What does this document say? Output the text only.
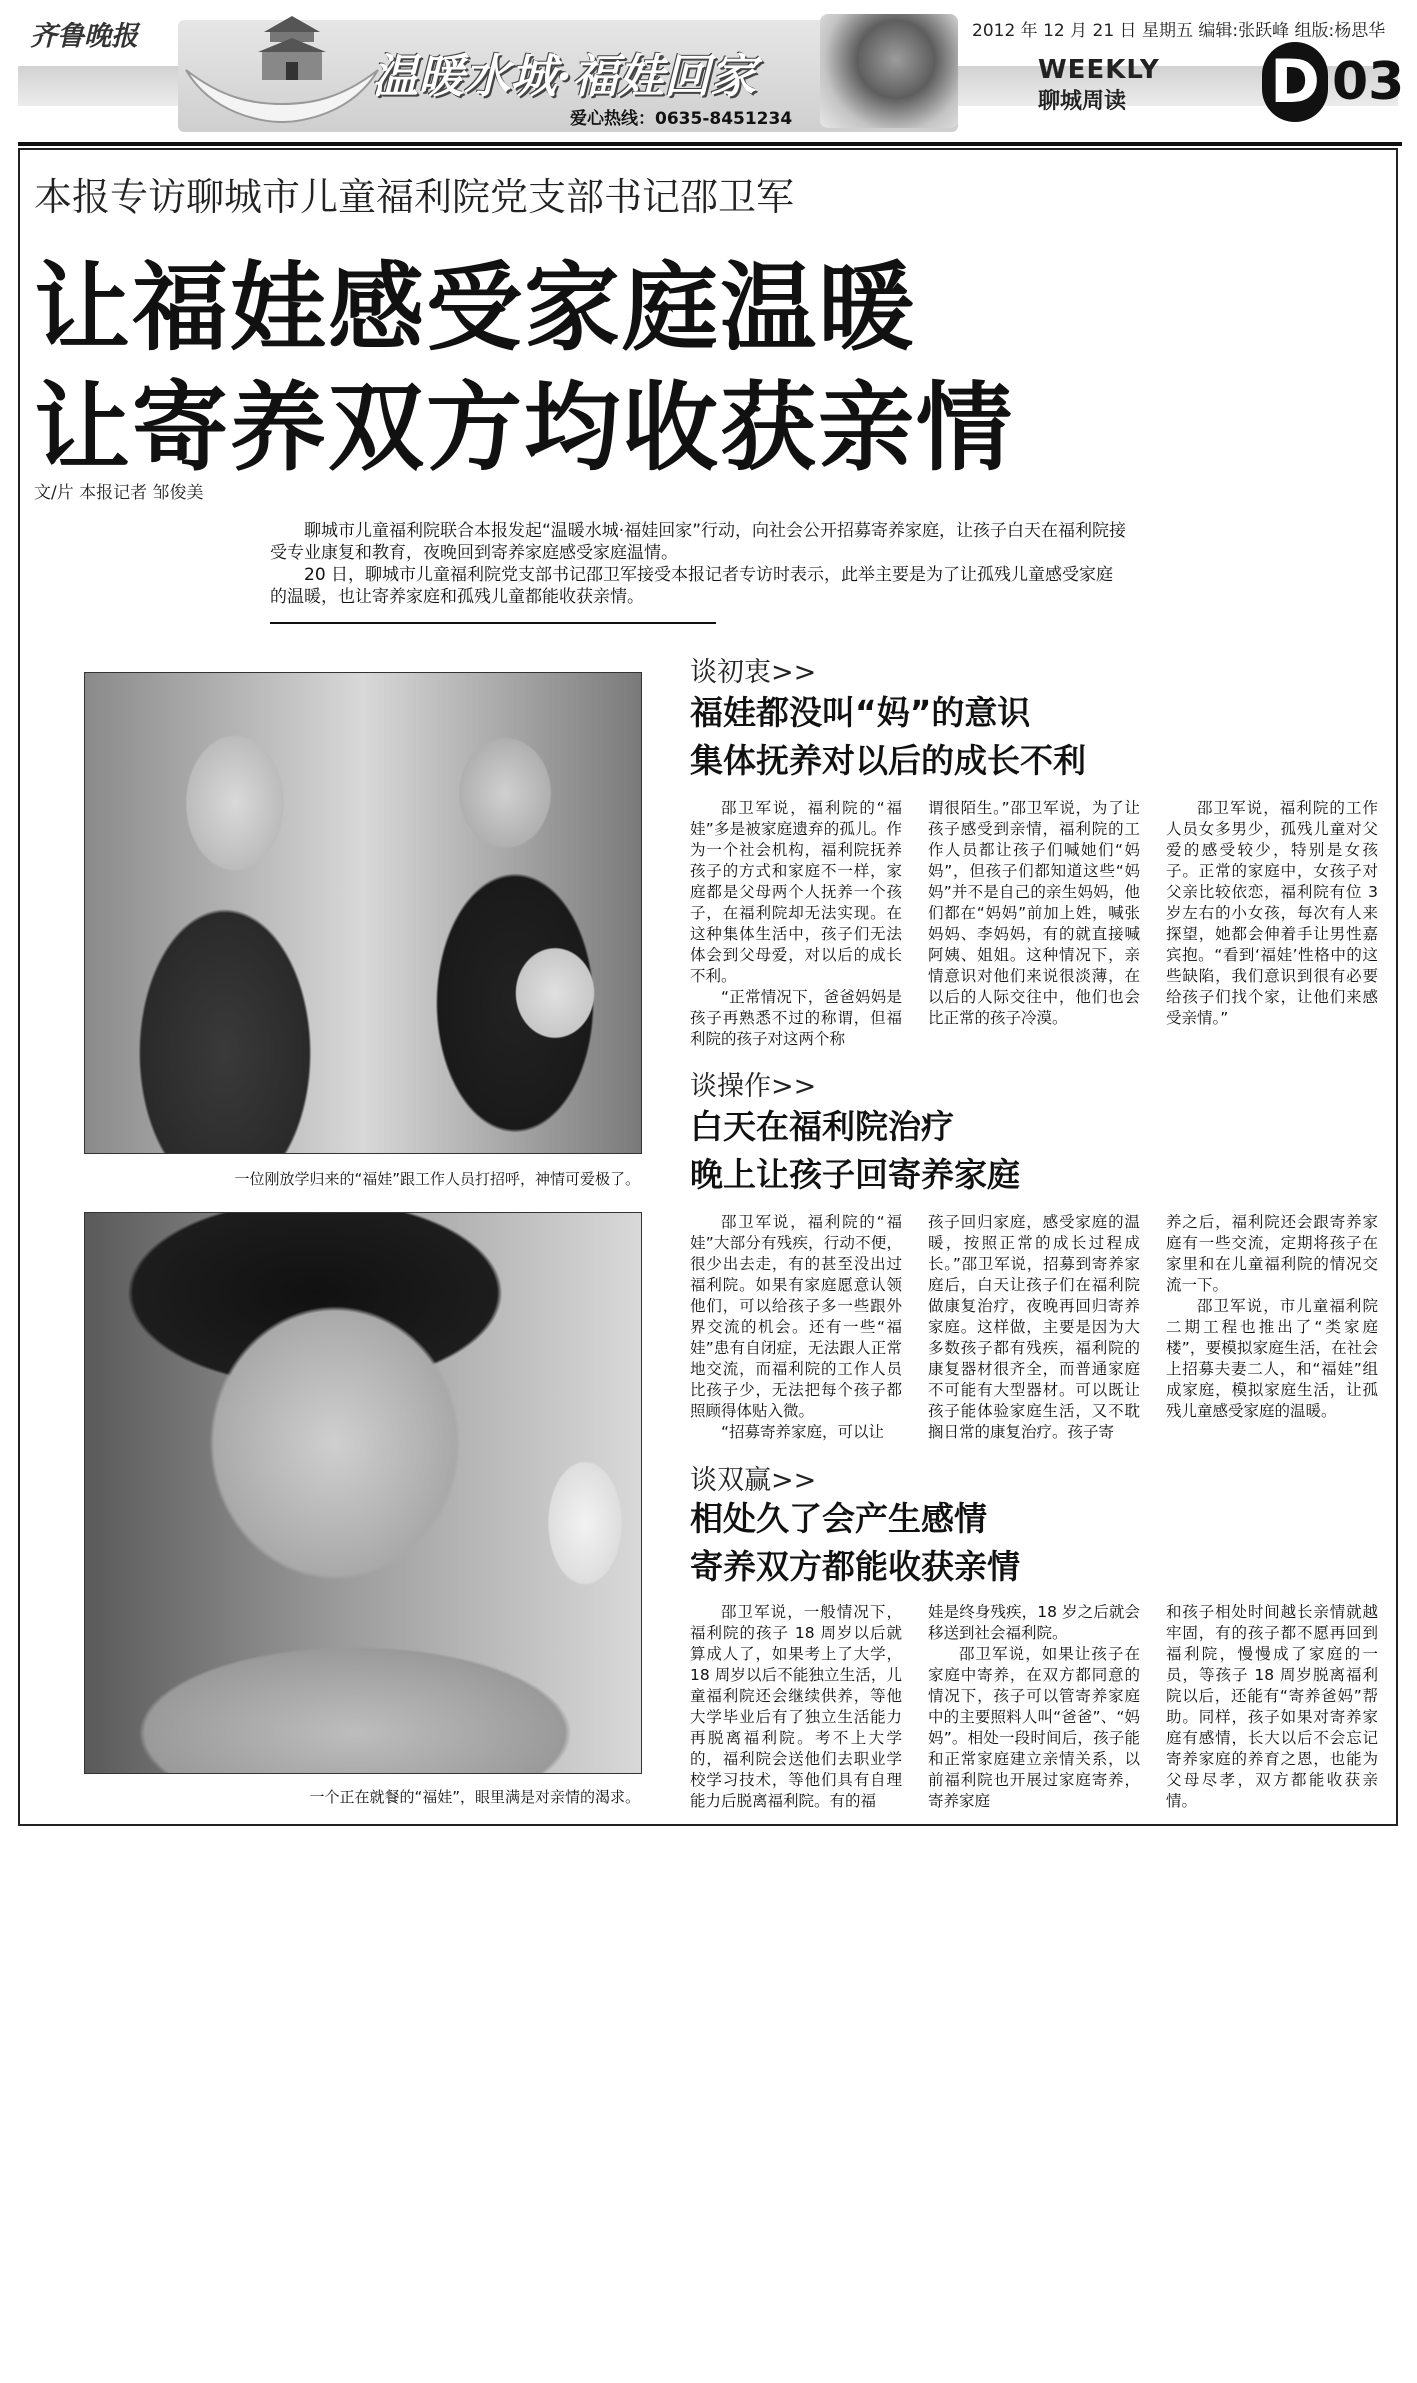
齐鲁晚报
温暖水城·福娃回家
爱心热线：0635-8451234
2012 年 12 月 21 日 星期五 编辑:张跃峰 组版:杨思华
WEEKLY
聊城周读 D 03
本报专访聊城市儿童福利院党支部书记邵卫军
让福娃感受家庭温暖
让寄养双方均收获亲情
文/片 本报记者 邹俊美

聊城市儿童福利院联合本报发起“温暖水城·福娃回家”行动，向社会公开招募寄养家庭，让孩子白天在福利院接受专业康复和教育，夜晚回到寄养家庭感受家庭温情。

20 日，聊城市儿童福利院党支部书记邵卫军接受本报记者专访时表示，此举主要是为了让孤残儿童感受家庭的温暖，也让寄养家庭和孤残儿童都能收获亲情。

一位刚放学归来的“福娃”跟工作人员打招呼，神情可爱极了。
一个正在就餐的“福娃”，眼里满是对亲情的渴求。
谈初衷>>
福娃都没叫“妈”的意识
集体抚养对以后的成长不利

邵卫军说，福利院的“福娃”多是被家庭遗弃的孤儿。作为一个社会机构，福利院抚养孩子的方式和家庭不一样，家庭都是父母两个人抚养一个孩子，在福利院却无法实现。在这种集体生活中，孩子们无法体会到父母爱，对以后的成长不利。

“正常情况下，爸爸妈妈是孩子再熟悉不过的称谓，但福利院的孩子对这两个称

谓很陌生。”邵卫军说，为了让孩子感受到亲情，福利院的工作人员都让孩子们喊她们“妈妈”，但孩子们都知道这些“妈妈”并不是自己的亲生妈妈，他们都在“妈妈”前加上姓，喊张妈妈、李妈妈，有的就直接喊阿姨、姐姐。这种情况下，亲情意识对他们来说很淡薄，在以后的人际交往中，他们也会比正常的孩子冷漠。

邵卫军说，福利院的工作人员女多男少，孤残儿童对父爱的感受较少，特别是女孩子。正常的家庭中，女孩子对父亲比较依恋，福利院有位 3 岁左右的小女孩，每次有人来探望，她都会伸着手让男性嘉宾抱。“看到‘福娃’性格中的这些缺陷，我们意识到很有必要给孩子们找个家，让他们来感受亲情。”

谈操作>>
白天在福利院治疗
晚上让孩子回寄养家庭

邵卫军说，福利院的“福娃”大部分有残疾，行动不便，很少出去走，有的甚至没出过福利院。如果有家庭愿意认领他们，可以给孩子多一些跟外界交流的机会。还有一些“福娃”患有自闭症，无法跟人正常地交流，而福利院的工作人员比孩子少，无法把每个孩子都照顾得体贴入微。

“招募寄养家庭，可以让

孩子回归家庭，感受家庭的温暖，按照正常的成长过程成长。”邵卫军说，招募到寄养家庭后，白天让孩子们在福利院做康复治疗，夜晚再回归寄养家庭。这样做，主要是因为大多数孩子都有残疾，福利院的康复器材很齐全，而普通家庭不可能有大型器材。可以既让孩子能体验家庭生活，又不耽搁日常的康复治疗。孩子寄

养之后，福利院还会跟寄养家庭有一些交流，定期将孩子在家里和在儿童福利院的情况交流一下。

邵卫军说，市儿童福利院二期工程也推出了“类家庭楼”，要模拟家庭生活，在社会上招募夫妻二人，和“福娃”组成家庭，模拟家庭生活，让孤残儿童感受家庭的温暖。

谈双赢>>
相处久了会产生感情
寄养双方都能收获亲情

邵卫军说，一般情况下，福利院的孩子 18 周岁以后就算成人了，如果考上了大学，18 周岁以后不能独立生活，儿童福利院还会继续供养，等他大学毕业后有了独立生活能力再脱离福利院。考不上大学的，福利院会送他们去职业学校学习技术，等他们具有自理能力后脱离福利院。有的福

娃是终身残疾，18 岁之后就会移送到社会福利院。

邵卫军说，如果让孩子在家庭中寄养，在双方都同意的情况下，孩子可以管寄养家庭中的主要照料人叫“爸爸”、“妈妈”。相处一段时间后，孩子能和正常家庭建立亲情关系，以前福利院也开展过家庭寄养，寄养家庭

和孩子相处时间越长亲情就越牢固，有的孩子都不愿再回到福利院，慢慢成了家庭的一员，等孩子 18 周岁脱离福利院以后，还能有“寄养爸妈”帮助。同样，孩子如果对寄养家庭有感情，长大以后不会忘记寄养家庭的养育之恩，也能为父母尽孝，双方都能收获亲情。
